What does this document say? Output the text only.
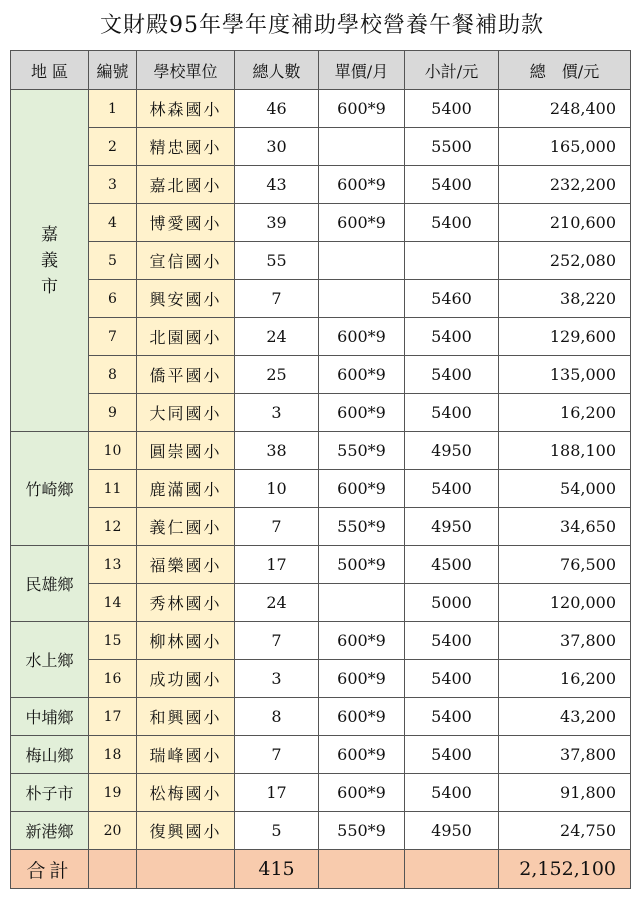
文財殿95年學年度補助學校營養午餐補助款
地 區	編號	學校單位	總人數	單價/月	小計/元	總　價/元
嘉
義
市	1	林森國小	46	600*9	5400	248,400
	2	精忠國小	30		5500	165,000
	3	嘉北國小	43	600*9	5400	232,200
	4	博愛國小	39	600*9	5400	210,600
	5	宣信國小	55			252,080
	6	興安國小	7		5460	38,220
	7	北園國小	24	600*9	5400	129,600
	8	僑平國小	25	600*9	5400	135,000
	9	大同國小	3	600*9	5400	16,200
竹崎鄉	10	圓崇國小	38	550*9	4950	188,100
	11	鹿滿國小	10	600*9	5400	54,000
	12	義仁國小	7	550*9	4950	34,650
民雄鄉	13	福樂國小	17	500*9	4500	76,500
	14	秀林國小	24		5000	120,000
水上鄉	15	柳林國小	7	600*9	5400	37,800
	16	成功國小	3	600*9	5400	16,200
中埔鄉	17	和興國小	8	600*9	5400	43,200
梅山鄉	18	瑞峰國小	7	600*9	5400	37,800
朴子市	19	松梅國小	17	600*9	5400	91,800
新港鄉	20	復興國小	5	550*9	4950	24,750
合計			415			2,152,100
